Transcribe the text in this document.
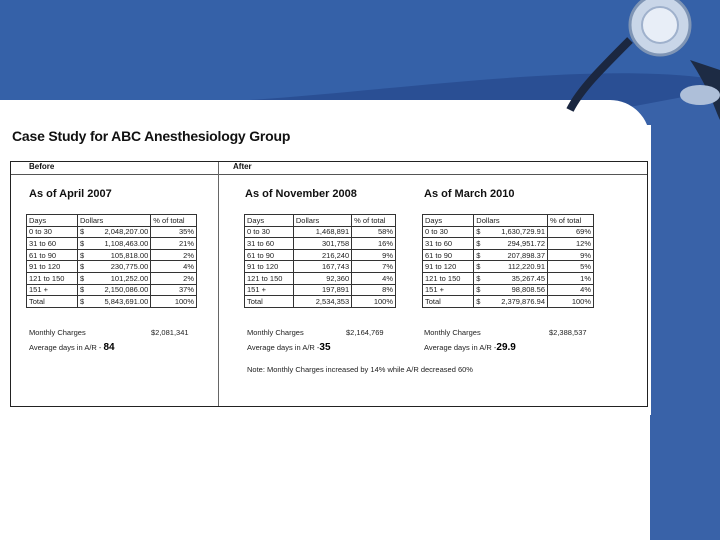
Case Study for ABC Anesthesiology Group
Before	After
As of April 2007	As of November 2008	As of March 2010
Days	Dollars		% of total
0 to 30	$	2,048,207.00	35%
31 to 60	$	1,108,463.00	21%
61 to 90	$	105,818.00	2%
91 to 120	$	230,775.00	4%
121 to 150	$	101,252.00	2%
151 +	$	2,150,086.00	37%
Total	$	5,843,691.00	100%
Days	Dollars		% of total
0 to 30		1,468,891	58%
31 to 60		301,758	16%
61 to 90		216,240	9%
91 to 120		167,743	7%
121 to 150		92,360	4%
151 +		197,891	8%
Total		2,534,353	100%
Days	Dollars		% of total
0 to 30	$	1,630,729.91	69%
31 to 60	$	294,951.72	12%
61 to 90	$	207,898.37	9%
91 to 120	$	112,220.91	5%
121 to 150	$	35,267.45	1%
151 +	$	98,808.56	4%
Total	$	2,379,876.94	100%
Monthly Charges	$2,081,341
Average days in A/R - 84
Monthly Charges	$2,164,769
Average days in A/R -35
Monthly Charges	$2,388,537
Average days in A/R -29.9
Note: Monthly Charges increased by 14% while A/R decreased 60%
